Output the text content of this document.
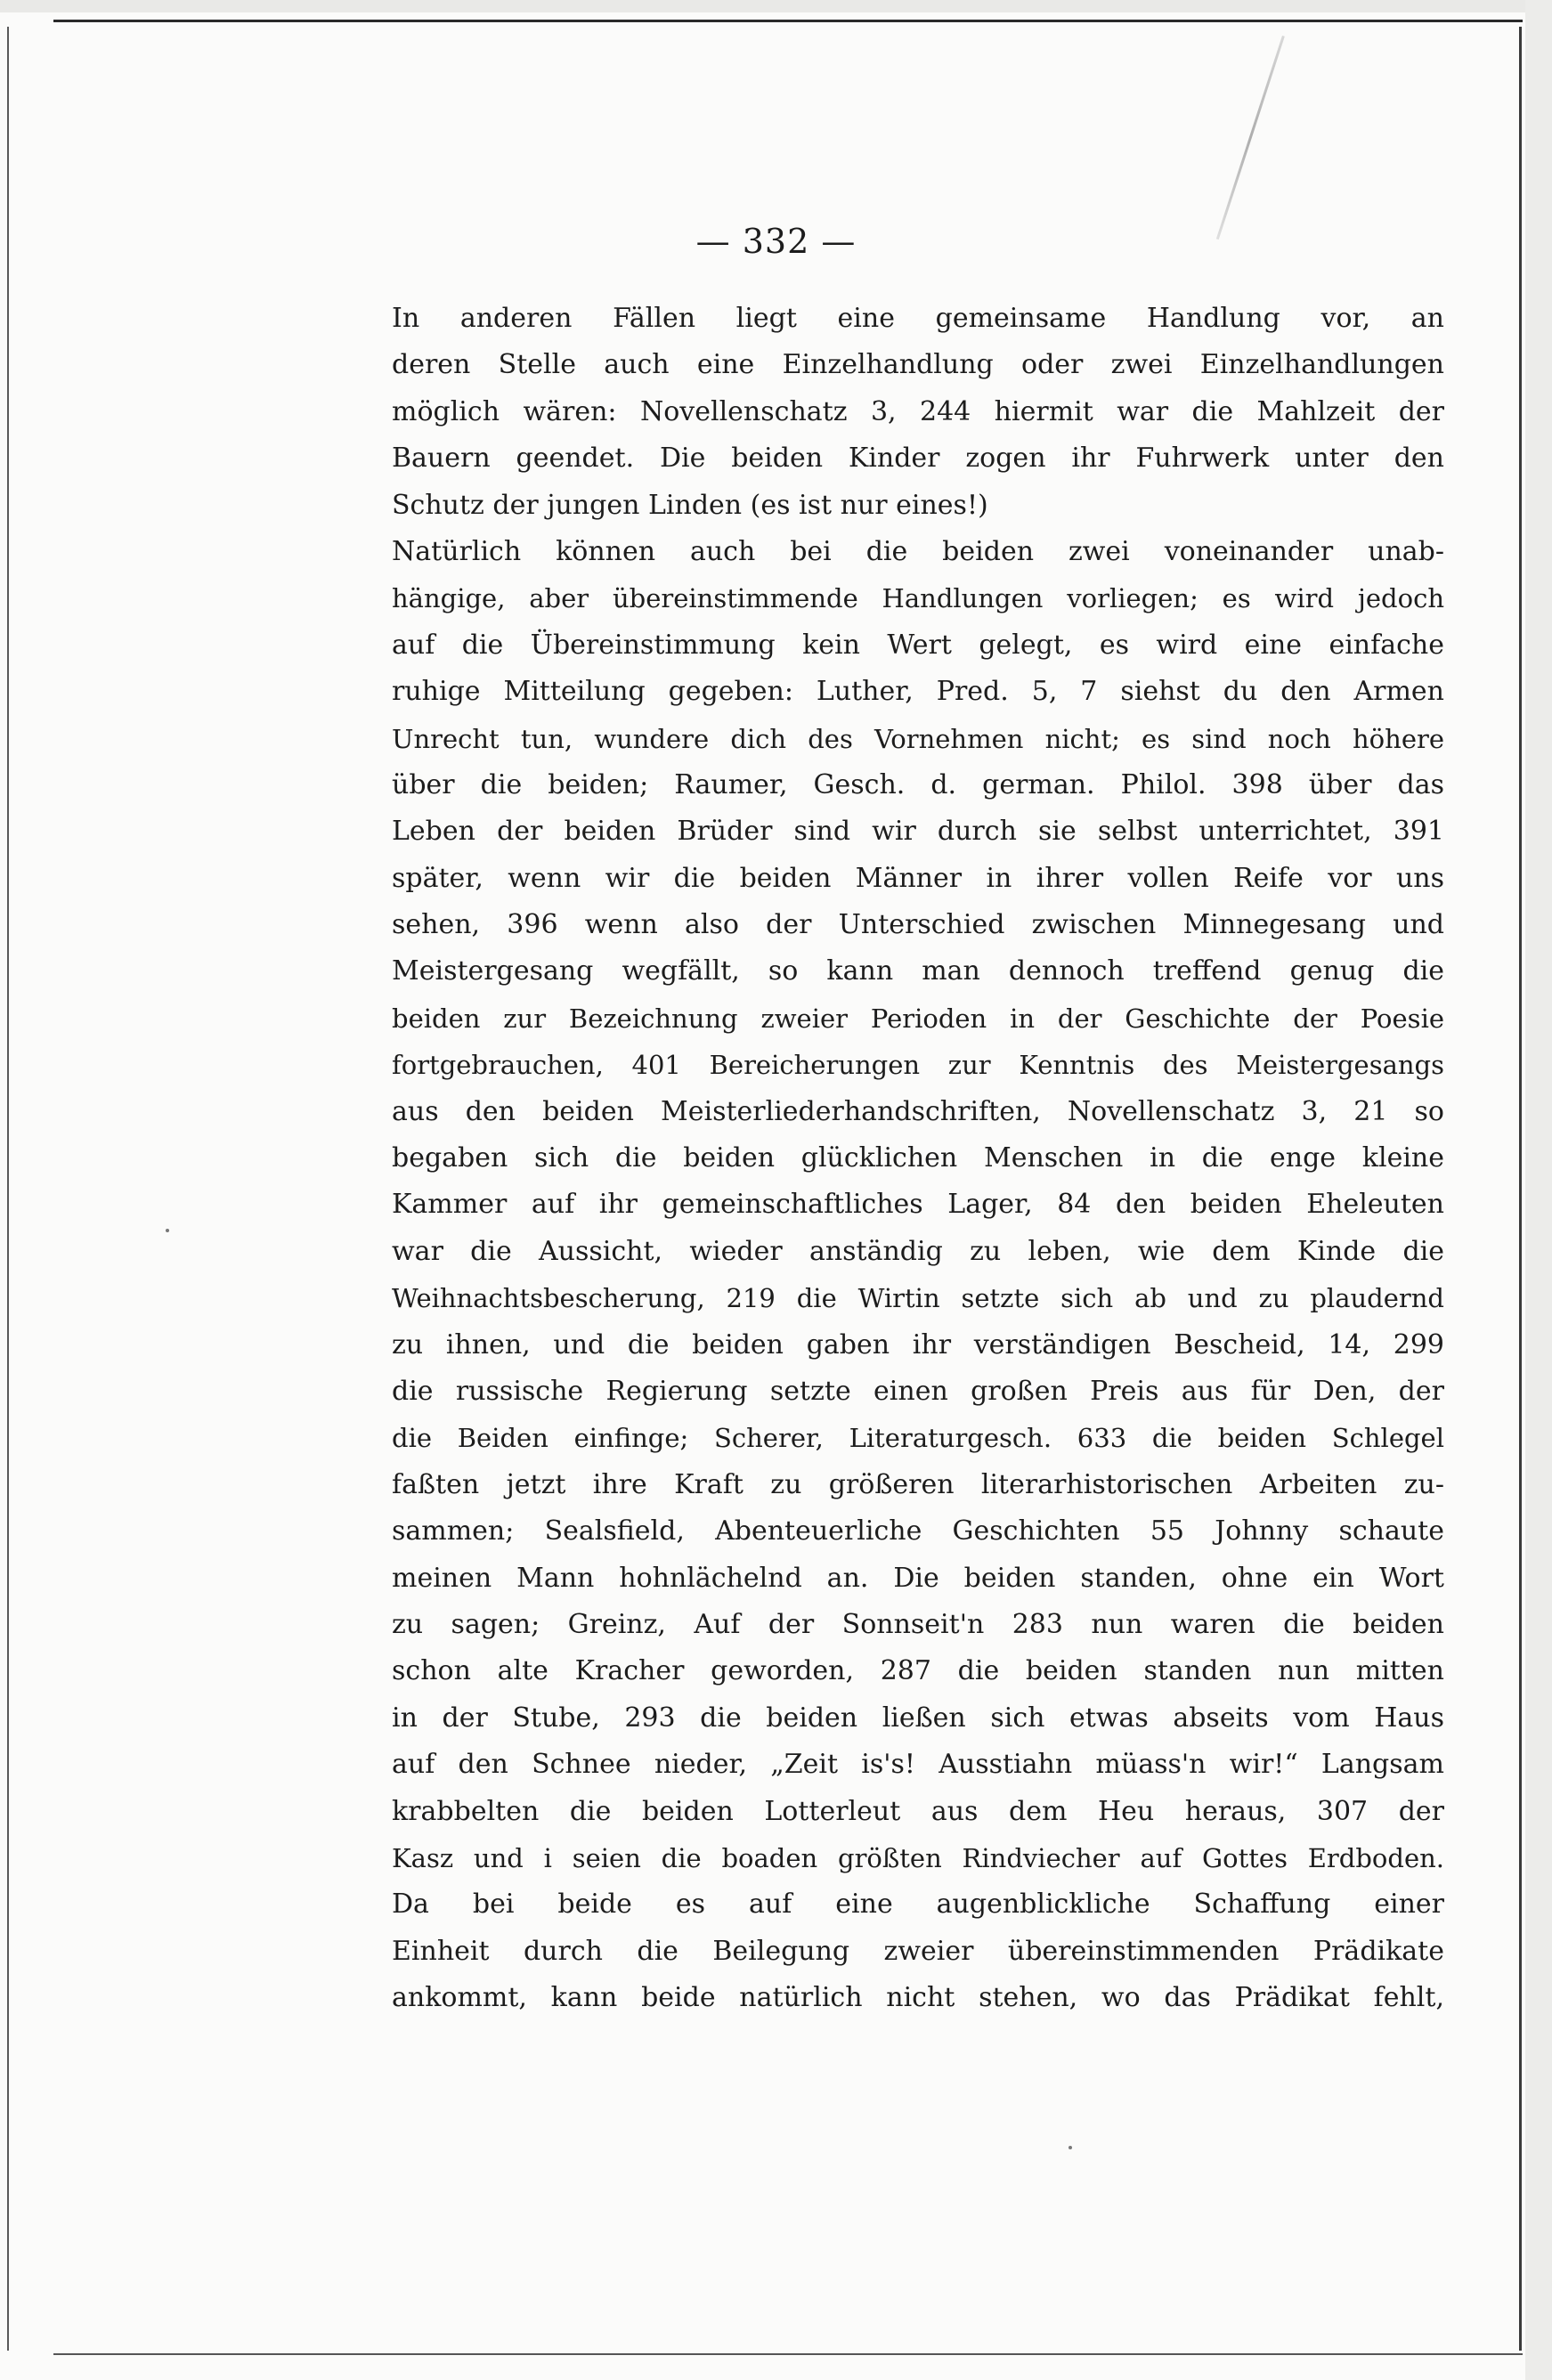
— 332 —
In anderen Fällen liegt eine gemeinsame Handlung vor, an
deren Stelle auch eine Einzelhandlung oder zwei Einzelhandlungen
möglich wären: Novellenschatz 3, 244 hiermit war die Mahlzeit der
Bauern geendet. Die beiden Kinder zogen ihr Fuhrwerk unter den
Schutz der jungen Linden (es ist nur eines!)
Natürlich können auch bei die beiden zwei voneinander unab-
hängige, aber übereinstimmende Handlungen vorliegen; es wird jedoch
auf die Übereinstimmung kein Wert gelegt, es wird eine einfache
ruhige Mitteilung gegeben: Luther, Pred. 5, 7 siehst du den Armen
Unrecht tun, wundere dich des Vornehmen nicht; es sind noch höhere
über die beiden; Raumer, Gesch. d. german. Philol. 398 über das
Leben der beiden Brüder sind wir durch sie selbst unterrichtet, 391
später, wenn wir die beiden Männer in ihrer vollen Reife vor uns
sehen, 396 wenn also der Unterschied zwischen Minnegesang und
Meistergesang wegfällt, so kann man dennoch treffend genug die
beiden zur Bezeichnung zweier Perioden in der Geschichte der Poesie
fortgebrauchen, 401 Bereicherungen zur Kenntnis des Meistergesangs
aus den beiden Meisterliederhandschriften, Novellenschatz 3, 21 so
begaben sich die beiden glücklichen Menschen in die enge kleine
Kammer auf ihr gemeinschaftliches Lager, 84 den beiden Eheleuten
war die Aussicht, wieder anständig zu leben, wie dem Kinde die
Weihnachtsbescherung, 219 die Wirtin setzte sich ab und zu plaudernd
zu ihnen, und die beiden gaben ihr verständigen Bescheid, 14, 299
die russische Regierung setzte einen großen Preis aus für Den, der
die Beiden einfinge; Scherer, Literaturgesch. 633 die beiden Schlegel
faßten jetzt ihre Kraft zu größeren literarhistorischen Arbeiten zu-
sammen; Sealsfield, Abenteuerliche Geschichten 55 Johnny schaute
meinen Mann hohnlächelnd an. Die beiden standen, ohne ein Wort
zu sagen; Greinz, Auf der Sonnseit'n 283 nun waren die beiden
schon alte Kracher geworden, 287 die beiden standen nun mitten
in der Stube, 293 die beiden ließen sich etwas abseits vom Haus
auf den Schnee nieder, „Zeit is's! Ausstiahn müass'n wir!“ Langsam
krabbelten die beiden Lotterleut aus dem Heu heraus, 307 der
Kasz und i seien die boaden größten Rindviecher auf Gottes Erdboden.
Da bei beide es auf eine augenblickliche Schaffung einer
Einheit durch die Beilegung zweier übereinstimmenden Prädikate
ankommt, kann beide natürlich nicht stehen, wo das Prädikat fehlt,
